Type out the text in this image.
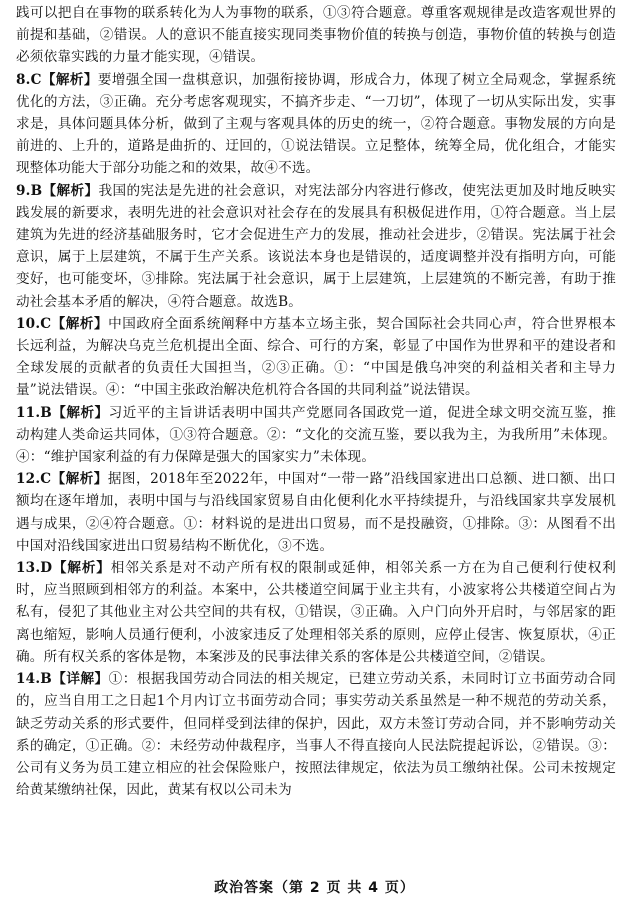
践可以把自在事物的联系转化为人为事物的联系，①③符合题意。尊重客观规律是改造客观世界的前提和基础，②错误。人的意识不能直接实现同类事物价值的转换与创造，事物价值的转换与创造必须依靠实践的力量才能实现，④错误。

8.C【解析】要增强全国一盘棋意识，加强衔接协调，形成合力，体现了树立全局观念，掌握系统优化的方法，③正确。充分考虑客观现实，不搞齐步走、“一刀切”，体现了一切从实际出发，实事求是，具体问题具体分析，做到了主观与客观具体的历史的统一，②符合题意。事物发展的方向是前进的、上升的，道路是曲折的、迂回的，①说法错误。立足整体，统筹全局，优化组合，才能实现整体功能大于部分功能之和的效果，故④不选。

9.B【解析】我国的宪法是先进的社会意识，对宪法部分内容进行修改，使宪法更加及时地反映实践发展的新要求，表明先进的社会意识对社会存在的发展具有积极促进作用，①符合题意。当上层建筑为先进的经济基础服务时，它才会促进生产力的发展，推动社会进步，②错误。宪法属于社会意识，属于上层建筑，不属于生产关系。该说法本身也是错误的，适度调整并没有指明方向，可能变好，也可能变坏，③排除。宪法属于社会意识，属于上层建筑，上层建筑的不断完善，有助于推动社会基本矛盾的解决，④符合题意。故选B。

10.C【解析】中国政府全面系统阐释中方基本立场主张，契合国际社会共同心声，符合世界根本长远利益，为解决乌克兰危机提出全面、综合、可行的方案，彰显了中国作为世界和平的建设者和全球发展的贡献者的负责任大国担当，②③正确。①：“中国是俄乌冲突的利益相关者和主导力量”说法错误。④：“中国主张政治解决危机符合各国的共同利益”说法错误。

11.B【解析】习近平的主旨讲话表明中国共产党愿同各国政党一道，促进全球文明交流互鉴，推动构建人类命运共同体，①③符合题意。②：“文化的交流互鉴，要以我为主，为我所用”未体现。④：“维护国家利益的有力保障是强大的国家实力”未体现。

12.C【解析】据图，2018年至2022年，中国对“一带一路”沿线国家进出口总额、进口额、出口额均在逐年增加，表明中国与与沿线国家贸易自由化便利化水平持续提升，与沿线国家共享发展机遇与成果，②④符合题意。①：材料说的是进出口贸易，而不是投融资，①排除。③：从图看不出中国对沿线国家进出口贸易结构不断优化，③不选。

13.D【解析】相邻关系是对不动产所有权的限制或延伸，相邻关系一方在为自己便利行使权利时，应当照顾到相邻方的利益。本案中，公共楼道空间属于业主共有，小波家将公共楼道空间占为私有，侵犯了其他业主对公共空间的共有权，①错误，③正确。入户门向外开启时，与邻居家的距离也缩短，影响人员通行便利，小波家违反了处理相邻关系的原则，应停止侵害、恢复原状，④正确。所有权关系的客体是物，本案涉及的民事法律关系的客体是公共楼道空间，②错误。

14.B【详解】①：根据我国劳动合同法的相关规定，已建立劳动关系，未同时订立书面劳动合同的，应当自用工之日起1个月内订立书面劳动合同；事实劳动关系虽然是一种不规范的劳动关系，缺乏劳动关系的形式要件，但同样受到法律的保护，因此，双方未签订劳动合同，并不影响劳动关系的确定，①正确。②：未经劳动仲裁程序，当事人不得直接向人民法院提起诉讼，②错误。③：公司有义务为员工建立相应的社会保险账户，按照法律规定，依法为员工缴纳社保。公司未按规定给黄某缴纳社保，因此，黄某有权以公司未为

政治答案（第 2 页 共 4 页）
